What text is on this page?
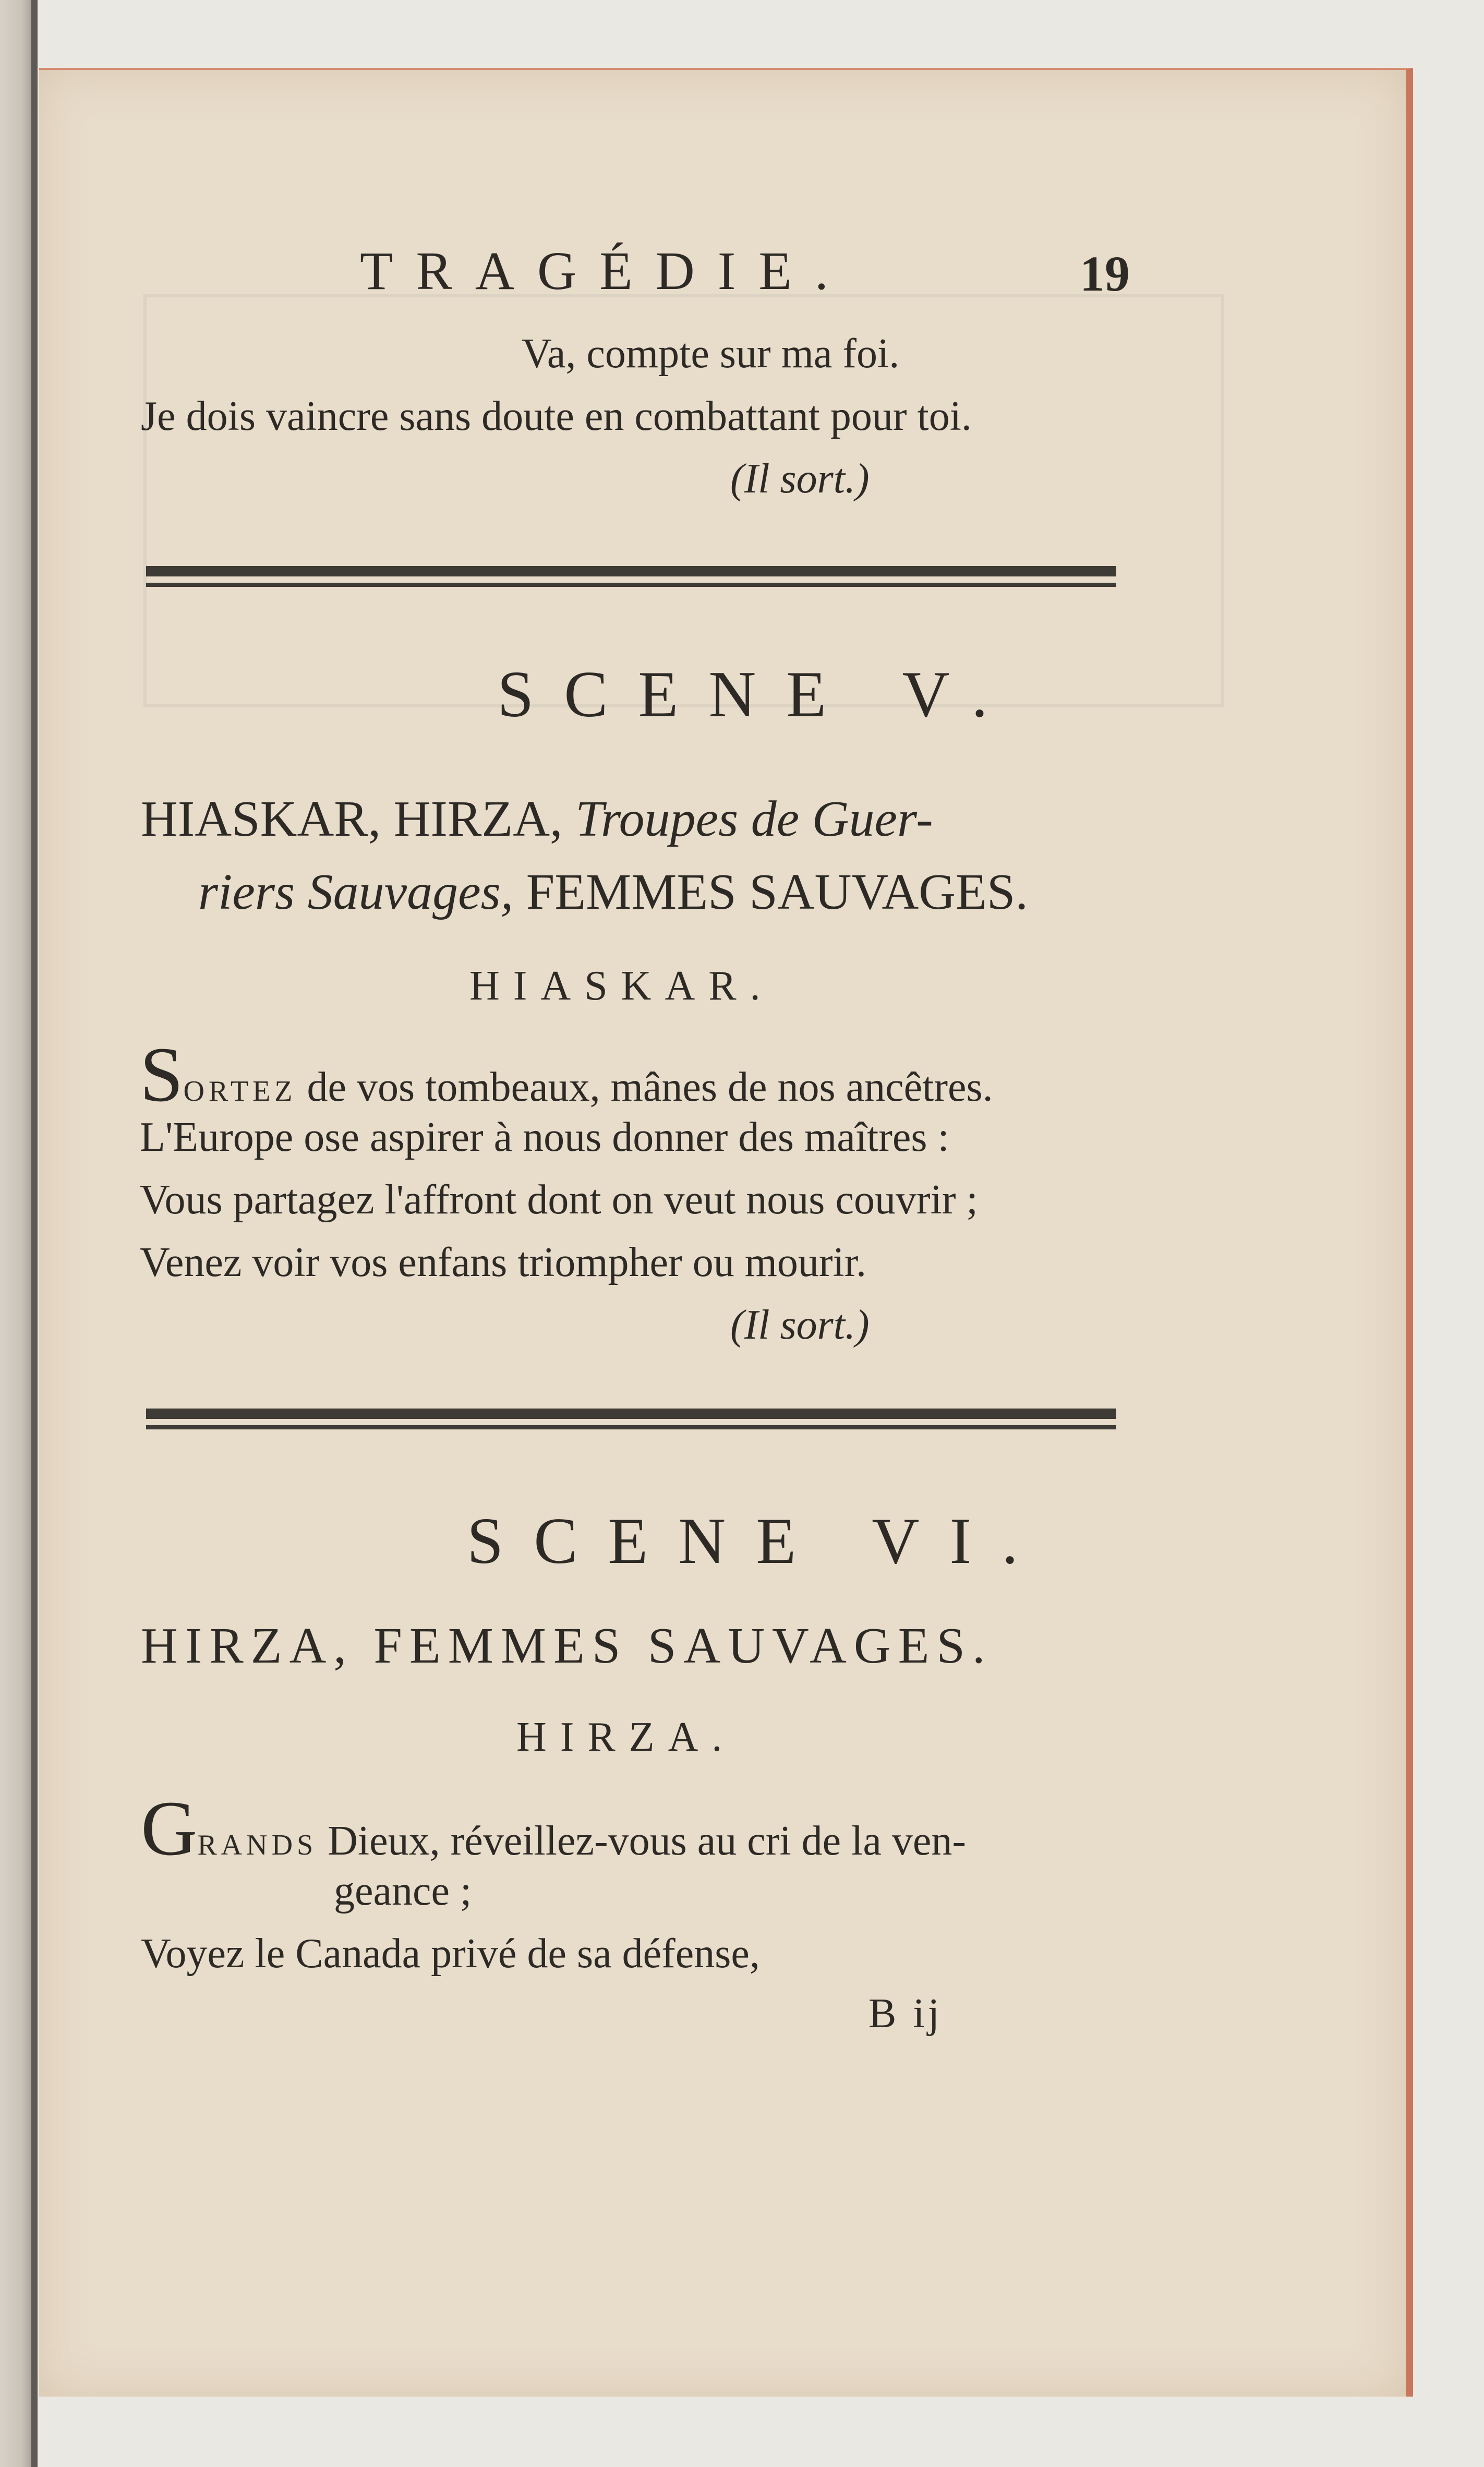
TRAGÉDIE.	19
Va, compte sur ma foi.
Je dois vaincre sans doute en combattant pour toi.
(Il sort.)
SCENE V.
HIASKAR, HIRZA, Troupes de Guer-
riers Sauvages, FEMMES SAUVAGES.
HIASKAR.
SORTEZ de vos tombeaux, mânes de nos ancêtres.
L'Europe ose aspirer à nous donner des maîtres :
Vous partagez l'affront dont on veut nous couvrir ;
Venez voir vos enfans triompher ou mourir.
(Il sort.)
SCENE VI.
HIRZA, FEMMES SAUVAGES.
HIRZA.
GRANDS Dieux, réveillez-vous au cri de la ven-
geance ;
Voyez le Canada privé de sa défense,
B ij
